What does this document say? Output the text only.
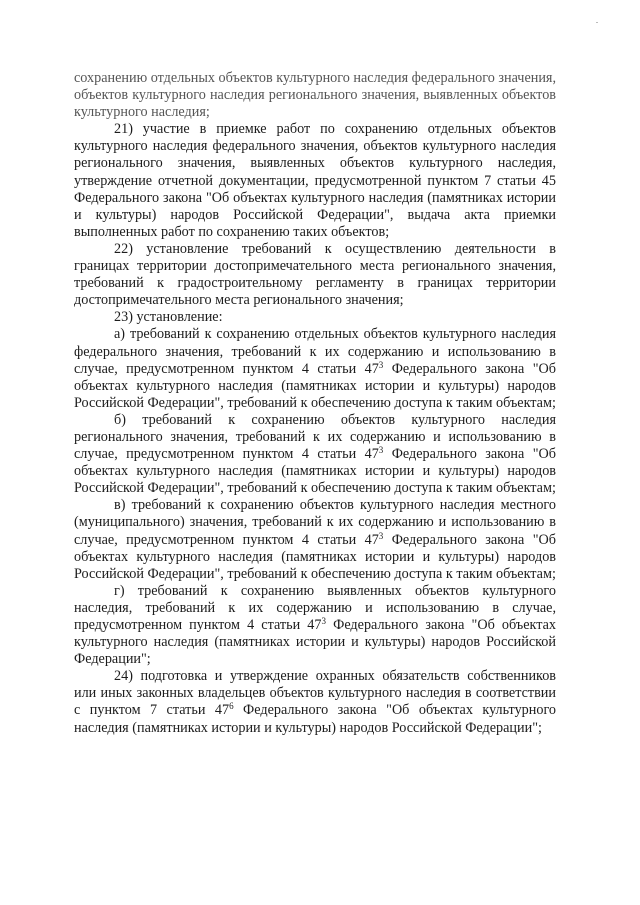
сохранению отдельных объектов культурного наследия федерального значения, объектов культурного наследия регионального значения, выявленных объектов культурного наследия;

21) участие в приемке работ по сохранению отдельных объектов культурного наследия федерального значения, объектов культурного наследия регионального значения, выявленных объектов культурного наследия, утверждение отчетной документации, предусмотренной пунктом 7 статьи 45 Федерального закона "Об объектах культурного наследия (памятниках истории и культуры) народов Российской Федерации", выдача акта приемки выполненных работ по сохранению таких объектов;

22) установление требований к осуществлению деятельности в границах территории достопримечательного места регионального значения, требований к градостроительному регламенту в границах территории достопримечательного места регионального значения;

23) установление:

а) требований к сохранению отдельных объектов культурного наследия федерального значения, требований к их содержанию и использованию в случае, предусмотренном пунктом 4 статьи $47^3$ Федерального закона "Об объектах культурного наследия (памятниках истории и культуры) народов Российской Федерации", требований к обеспечению доступа к таким объектам;

б) требований к сохранению объектов культурного наследия регионального значения, требований к их содержанию и использованию в случае, предусмотренном пунктом 4 статьи $47^3$ Федерального закона "Об объектах культурного наследия (памятниках истории и культуры) народов Российской Федерации", требований к обеспечению доступа к таким объектам;

в) требований к сохранению объектов культурного наследия местного (муниципального) значения, требований к их содержанию и использованию в случае, предусмотренном пунктом 4 статьи $47^3$ Федерального закона "Об объектах культурного наследия (памятниках истории и культуры) народов Российской Федерации", требований к обеспечению доступа к таким объектам;

г) требований к сохранению выявленных объектов культурного наследия, требований к их содержанию и использованию в случае, предусмотренном пунктом 4 статьи $47^3$ Федерального закона "Об объектах культурного наследия (памятниках истории и культуры) народов Российской Федерации";

24) подготовка и утверждение охранных обязательств собственников или иных законных владельцев объектов культурного наследия в соответствии с пунктом 7 статьи $47^6$ Федерального закона "Об объектах культурного наследия (памятниках истории и культуры) народов Российской Федерации";
